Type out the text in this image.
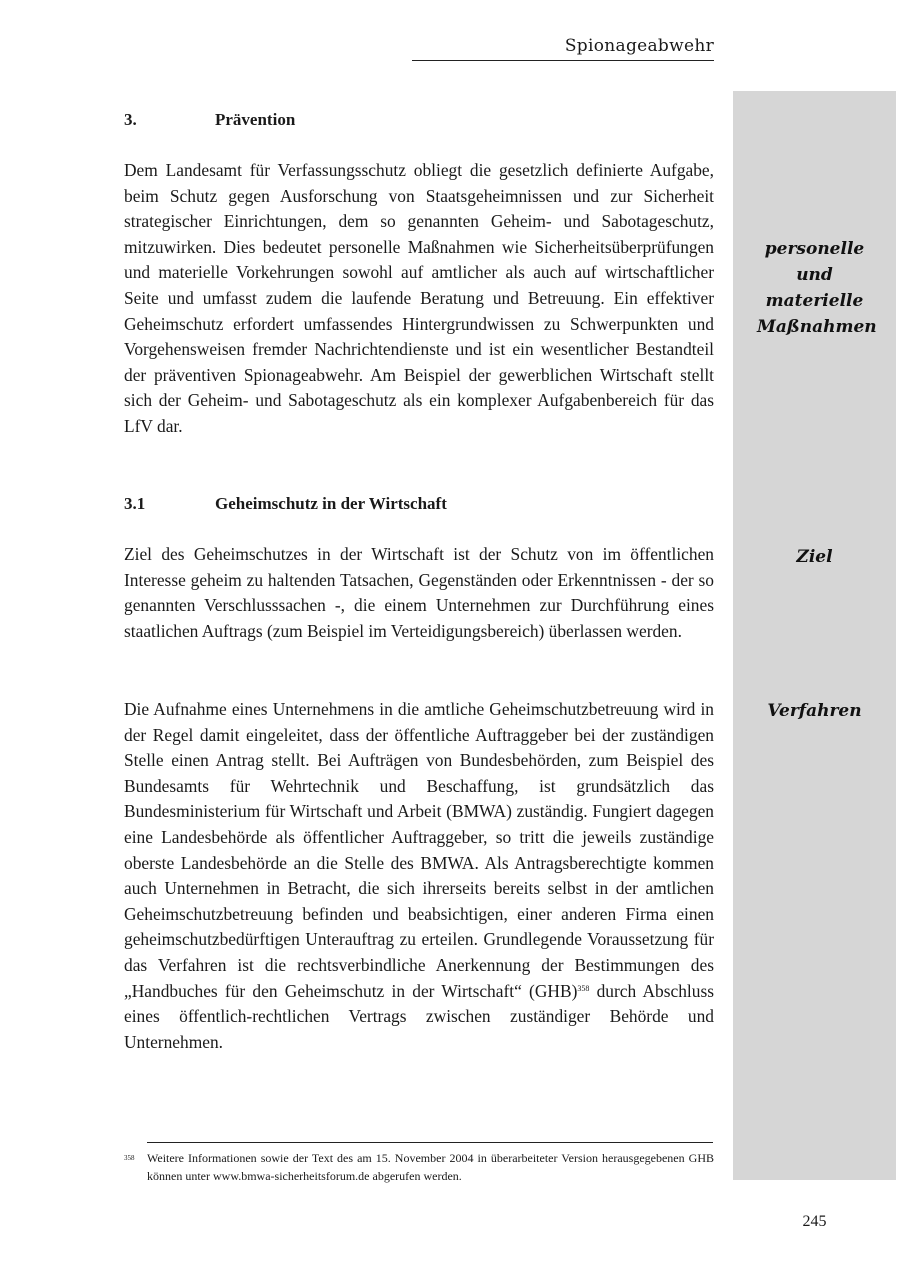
Spionageabwehr
personelle und materielle Maßnahmen
Ziel
Verfahren
3.	Prävention
Dem Landesamt für Verfassungsschutz obliegt die gesetzlich definierte Aufgabe, beim Schutz gegen Ausforschung von Staatsgeheimnissen und zur Sicherheit strategischer Einrichtungen, dem so genannten Geheim- und Sabotageschutz, mitzuwirken. Dies bedeutet personelle Maßnahmen wie Sicherheitsüberprüfungen und materielle Vorkehrungen sowohl auf amtlicher als auch auf wirtschaftlicher Seite und umfasst zudem die laufende Beratung und Betreuung. Ein effektiver Geheimschutz erfordert umfassendes Hintergrundwissen zu Schwerpunkten und Vorgehensweisen fremder Nachrichtendienste und ist ein wesentlicher Bestandteil der präventiven Spionageabwehr. Am Beispiel der gewerblichen Wirtschaft stellt sich der Geheim- und Sabotageschutz als ein komplexer Aufgabenbereich für das LfV dar.
3.1	Geheimschutz in der Wirtschaft
Ziel des Geheimschutzes in der Wirtschaft ist der Schutz von im öffentlichen Interesse geheim zu haltenden Tatsachen, Gegenständen oder Erkenntnissen - der so genannten Verschlusssachen -, die einem Unternehmen zur Durchführung eines staatlichen Auftrags (zum Beispiel im Verteidigungsbereich) überlassen werden.
Die Aufnahme eines Unternehmens in die amtliche Geheimschutzbetreuung wird in der Regel damit eingeleitet, dass der öffentliche Auftraggeber bei der zuständigen Stelle einen Antrag stellt. Bei Aufträgen von Bundesbehörden, zum Beispiel des Bundesamts für Wehrtechnik und Beschaffung, ist grundsätzlich das Bundesministerium für Wirtschaft und Arbeit (BMWA) zuständig. Fungiert dagegen eine Landesbehörde als öffentlicher Auftraggeber, so tritt die jeweils zuständige oberste Landesbehörde an die Stelle des BMWA. Als Antragsberechtigte kommen auch Unternehmen in Betracht, die sich ihrerseits bereits selbst in der amtlichen Geheimschutzbetreuung befinden und beabsichtigen, einer anderen Firma einen geheimschutzbedürftigen Unterauftrag zu erteilen. Grundlegende Voraussetzung für das Verfahren ist die rechtsverbindliche Anerkennung der Bestimmungen des „Handbuches für den Geheimschutz in der Wirtschaft“ (GHB)$^{358}$ durch Abschluss eines öffentlich-rechtlichen Vertrags zwischen zuständiger Behörde und Unternehmen.
358	Weitere Informationen sowie der Text des am 15. November 2004 in überarbeiteter Version herausgegebenen GHB können unter www.bmwa-sicherheitsforum.de abgerufen werden.
245
